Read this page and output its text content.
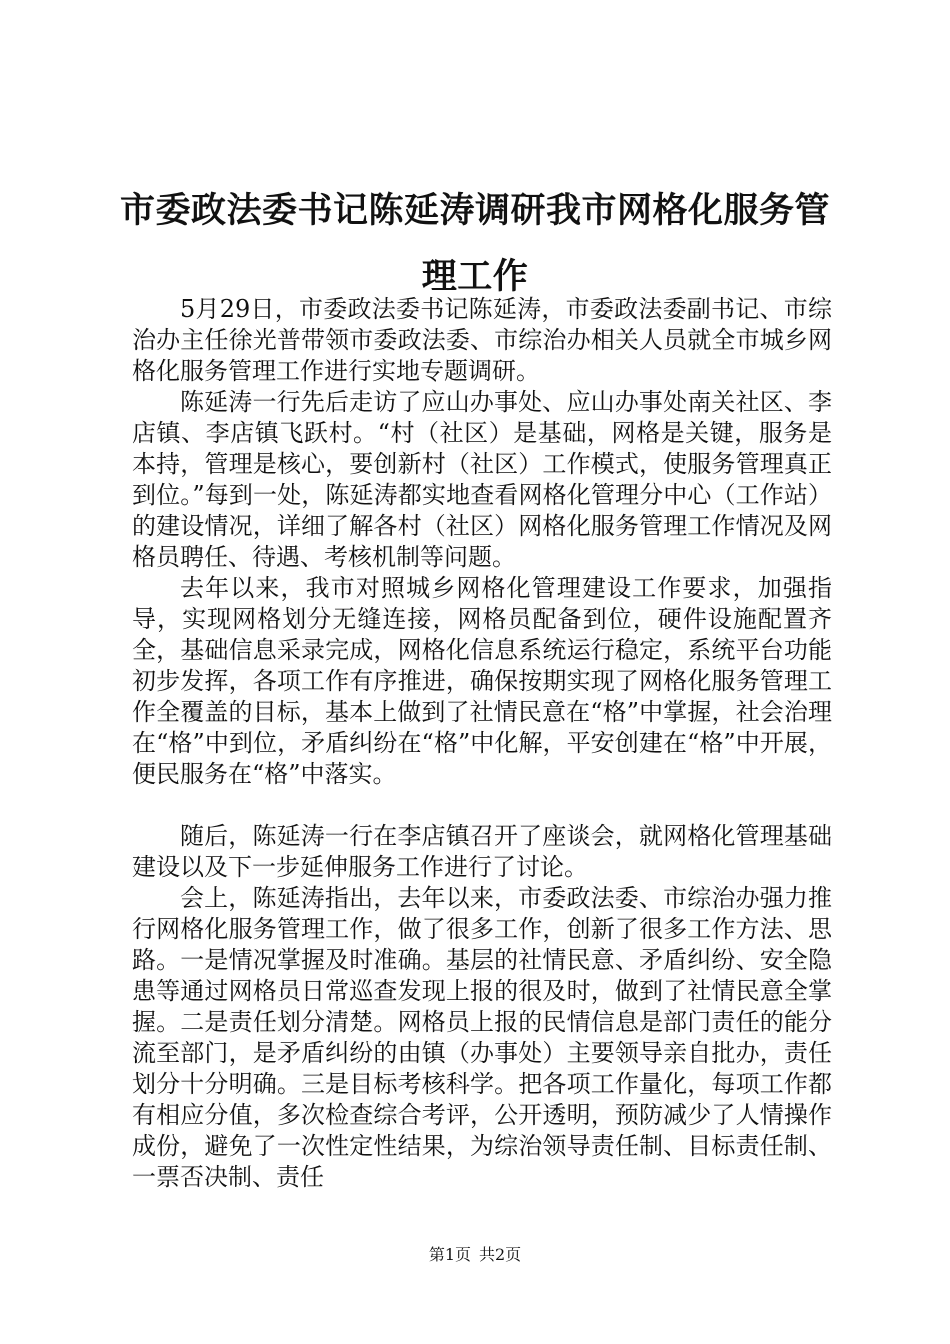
市委政法委书记陈延涛调研我市网格化服务管理工作

5月29日，市委政法委书记陈延涛，市委政法委副书记、市综治办主任徐光普带领市委政法委、市综治办相关人员就全市城乡网格化服务管理工作进行实地专题调研。

陈延涛一行先后走访了应山办事处、应山办事处南关社区、李店镇、李店镇飞跃村。“村（社区）是基础，网格是关键，服务是本持，管理是核心，要创新村（社区）工作模式，使服务管理真正到位。”每到一处，陈延涛都实地查看网格化管理分中心（工作站）的建设情况，详细了解各村（社区）网格化服务管理工作情况及网格员聘任、待遇、考核机制等问题。

去年以来，我市对照城乡网格化管理建设工作要求，加强指导，实现网格划分无缝连接，网格员配备到位，硬件设施配置齐全，基础信息采录完成，网格化信息系统运行稳定，系统平台功能初步发挥，各项工作有序推进，确保按期实现了网格化服务管理工作全覆盖的目标，基本上做到了社情民意在“格”中掌握，社会治理在“格”中到位，矛盾纠纷在“格”中化解，平安创建在“格”中开展，便民服务在“格”中落实。

随后，陈延涛一行在李店镇召开了座谈会，就网格化管理基础建设以及下一步延伸服务工作进行了讨论。

会上，陈延涛指出，去年以来，市委政法委、市综治办强力推行网格化服务管理工作，做了很多工作，创新了很多工作方法、思路。一是情况掌握及时准确。基层的社情民意、矛盾纠纷、安全隐患等通过网格员日常巡查发现上报的很及时，做到了社情民意全掌握。二是责任划分清楚。网格员上报的民情信息是部门责任的能分流至部门，是矛盾纠纷的由镇（办事处）主要领导亲自批办，责任划分十分明确。三是目标考核科学。把各项工作量化，每项工作都有相应分值，多次检查综合考评，公开透明，预防减少了人情操作成份，避免了一次性定性结果，为综治领导责任制、目标责任制、一票否决制、责任

第1页 共2页
